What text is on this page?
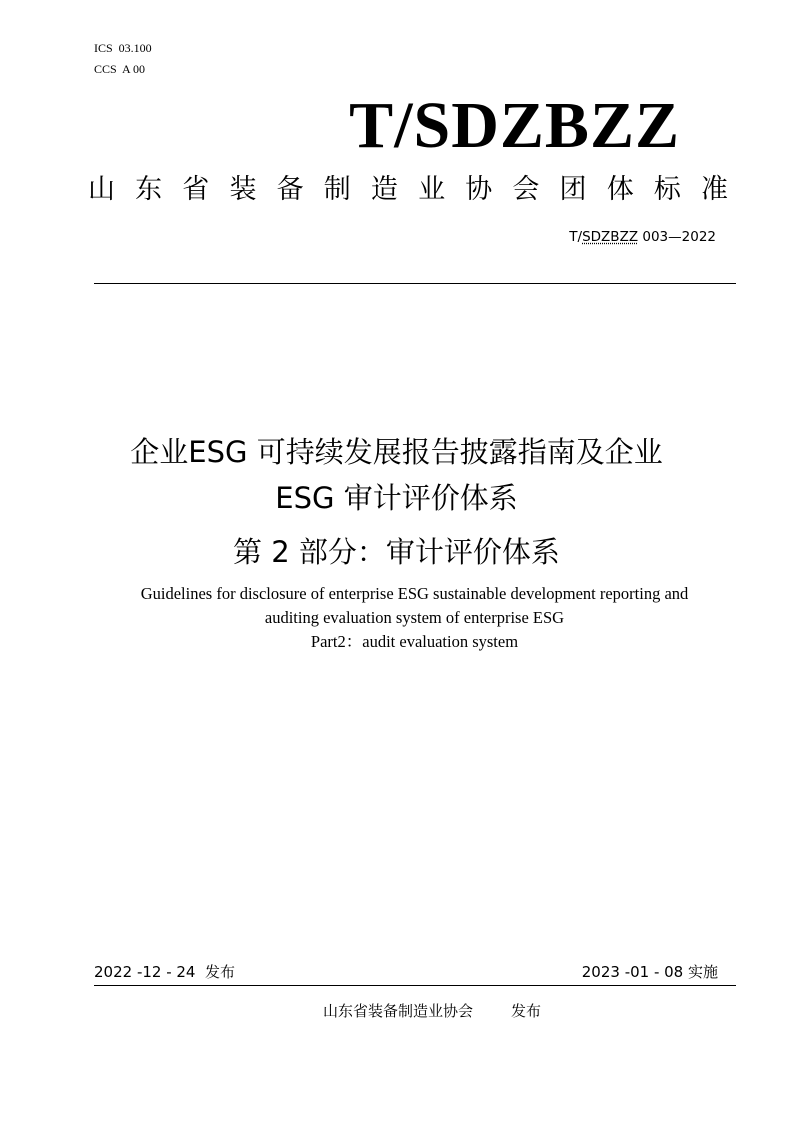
ICS  03.100
CCS  A 00
T/SDZBZZ
山东省装备制造业协会团体标准
T/SDZBZZ 003—2022
企业ESG 可持续发展报告披露指南及企业
ESG 审计评价体系
第 2 部分：审计评价体系
Guidelines for disclosure of enterprise ESG sustainable development reporting and
auditing evaluation system of enterprise ESG
Part2：audit evaluation system
2022 -12 - 24  发布	2023 -01 - 08 实施
山东省装备制造业协会	发布
